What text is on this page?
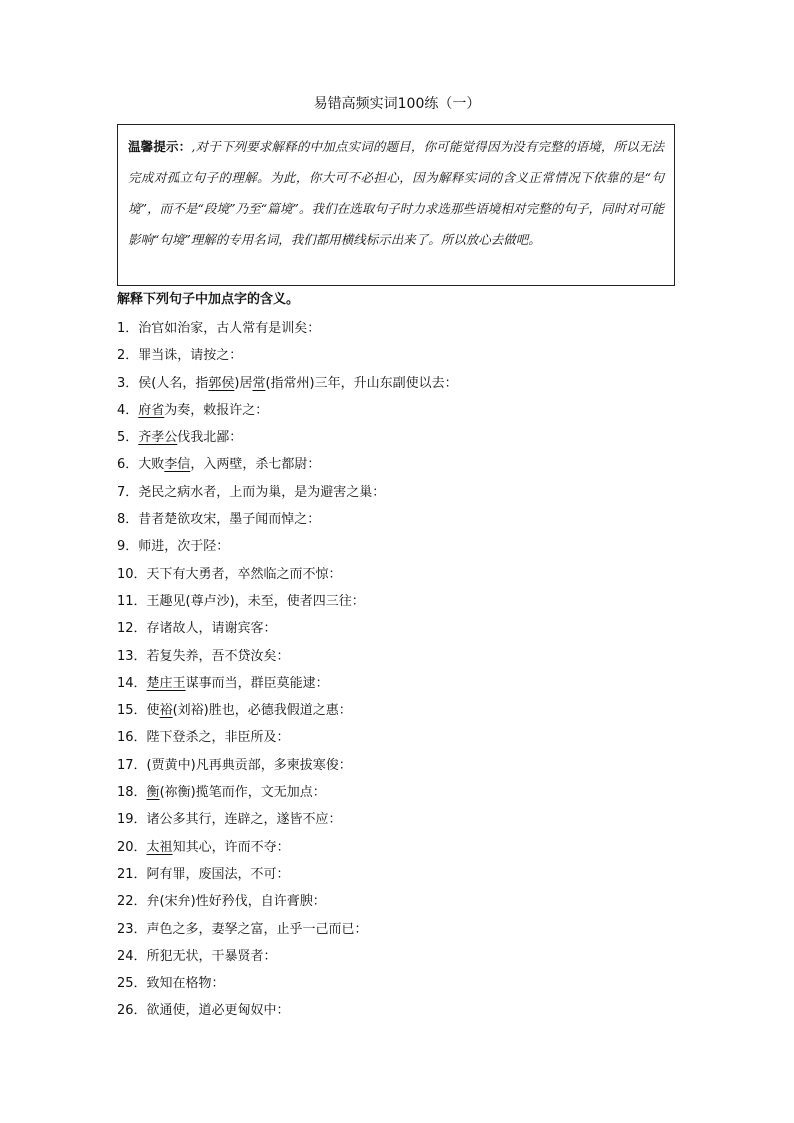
易错高频实词100练（一）
温馨提示：,对于下列要求解释的中加点实词的题目，你可能觉得因为没有完整的语境，所以无法完成对孤立句子的理解。为此，你大可不必担心，因为解释实词的含义正常情况下依靠的是“句境”，而不是“段境”乃至“篇境”。我们在选取句子时力求选那些语境相对完整的句子，同时对可能影响“句境”理解的专用名词，我们都用横线标示出来了。所以放心去做吧。
解释下列句子中加点字的含义。
1．治官如治家，古人常有是训矣：
2．罪当诛，请按之：
3．侯(人名，指郭侯)居常(指常州)三年，升山东副使以去：
4．府省为奏，敕报许之：
5．齐孝公伐我北鄙：
6．大败李信，入两壁，杀七都尉：
7．尧民之病水者，上而为巢，是为避害之巢：
8．昔者楚欲攻宋，墨子闻而悼之：
9．师进，次于陉：
10．天下有大勇者，卒然临之而不惊：
11．王趣见(尊卢沙)，未至，使者四三往：
12．存诸故人，请谢宾客：
13．若复失养，吾不贷汝矣：
14．楚庄王谋事而当，群臣莫能逮：
15．使裕(刘裕)胜也，必德我假道之惠：
16．陛下登杀之，非臣所及：
17．(贾黄中)凡再典贡部，多柬拔寒俊：
18．衡(祢衡)揽笔而作，文无加点：
19．诸公多其行，连辟之，遂皆不应：
20．太祖知其心，许而不夺：
21．阿有罪，废国法，不可：
22．弁(宋弁)性好矜伐，自许膏腴：
23．声色之多，妻孥之富，止乎一己而已：
24．所犯无状，干暴贤者：
25．致知在格物：
26．欲通使，道必更匈奴中：
